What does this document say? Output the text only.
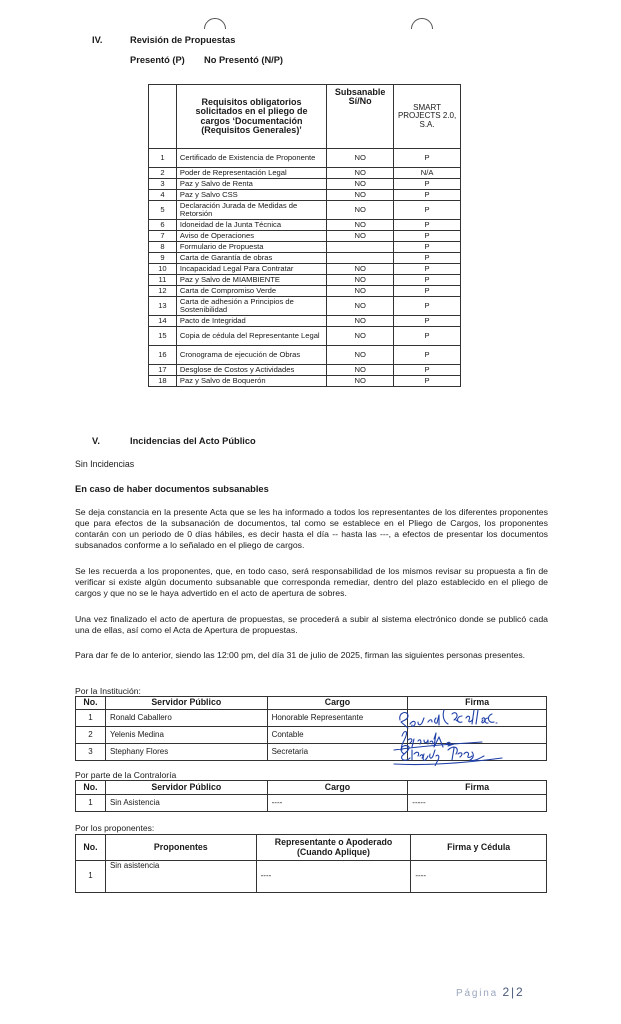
IV.	Revisión de Propuestas
Presentó (P) No Presentó (N/P)
	Requisitos obligatorios solicitados en el pliego de cargos ‘Documentación (Requisitos Generales)’	Subsanable Sí/No	SMART PROJECTS 2.0, S.A.
1	Certificado de Existencia de Proponente	NO	P
2	Poder de Representación Legal	NO	N/A
3	Paz y Salvo de Renta	NO	P
4	Paz y Salvo CSS	NO	P
5	Declaración Jurada de Medidas de Retorsión	NO	P
6	Idoneidad de la Junta Técnica	NO	P
7	Aviso de Operaciones	NO	P
8	Formulario de Propuesta		P
9	Carta de Garantía de obras		P
10	Incapacidad Legal Para Contratar	NO	P
11	Paz y Salvo de MIAMBIENTE	NO	P
12	Carta de Compromiso Verde	NO	P
13	Carta de adhesión a Principios de Sostenibilidad	NO	P
14	Pacto de Integridad	NO	P
15	Copia de cédula del Representante Legal	NO	P
16	Cronograma de ejecución de Obras	NO	P
17	Desglose de Costos y Actividades	NO	P
18	Paz y Salvo de Boquerón	NO	P
V.	Incidencias del Acto Público
Sin Incidencias
En caso de haber documentos subsanables

Se deja constancia en la presente Acta que se les ha informado a todos los representantes de los diferentes proponentes que para efectos de la subsanación de documentos, tal como se establece en el Pliego de Cargos, los proponentes contarán con un periodo de 0 días hábiles, es decir hasta el día -- hasta las ---, a efectos de presentar los documentos subsanados conforme a lo señalado en el pliego de cargos.

Se les recuerda a los proponentes, que, en todo caso, será responsabilidad de los mismos revisar su propuesta a fin de verificar si existe algún documento subsanable que corresponda remediar, dentro del plazo establecido en el pliego de cargos y que no se le haya advertido en el acto de apertura de sobres.

Una vez finalizado el acto de apertura de propuestas, se procederá a subir al sistema electrónico donde se publicó cada una de ellas, así como el Acta de Apertura de propuestas.

Para dar fe de lo anterior, siendo las 12:00 pm, del día 31 de julio de 2025, firman las siguientes personas presentes.

Por la Institución:
No.	Servidor Público	Cargo	Firma
1	Ronald Caballero	Honorable Representante	
2	Yelenis Medina	Contable	
3	Stephany Flores	Secretaria	
Por parte de la Contraloría
No.	Servidor Público	Cargo	Firma
1	Sin Asistencia	----	-----
Por los proponentes:
No.	Proponentes	Representante o Apoderado (Cuando Aplique)	Firma y Cédula
1	Sin asistencia	----	----
Página 2|2
